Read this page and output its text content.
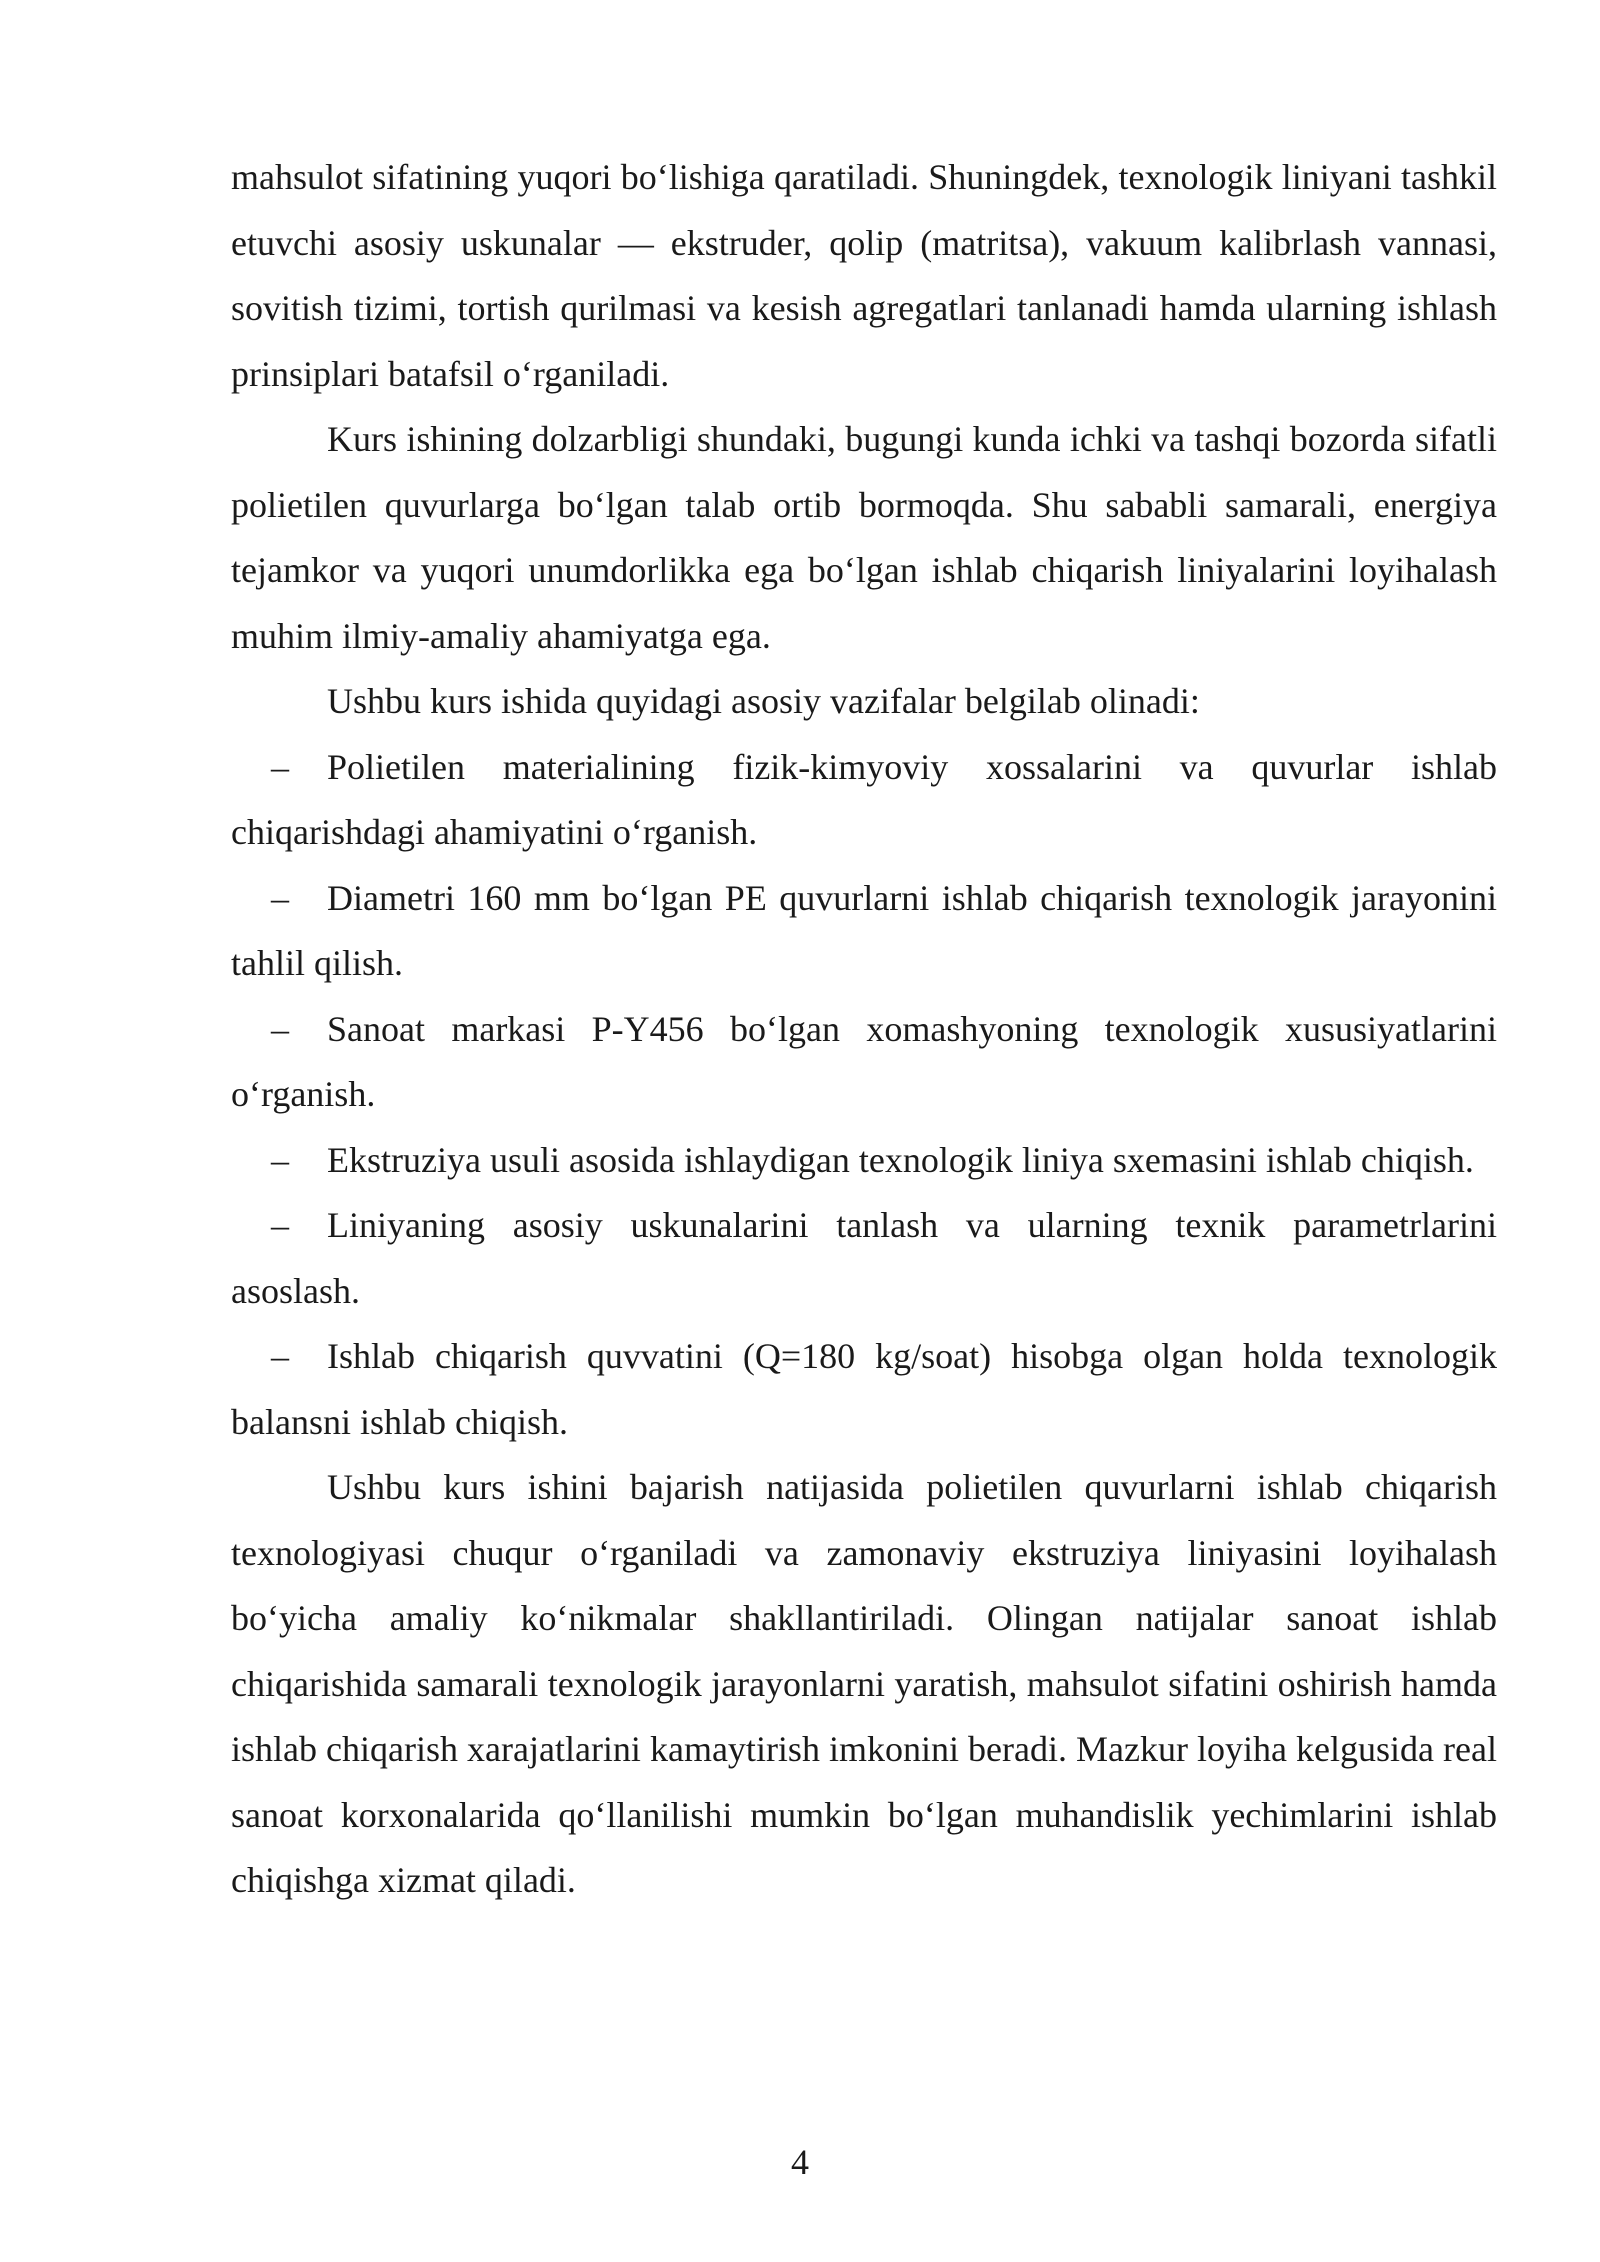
mahsulot sifatining yuqori bo‘lishiga qaratiladi. Shuningdek, texnologik liniyani tashkil etuvchi asosiy uskunalar — ekstruder, qolip (matritsa), vakuum kalibrlash vannasi, sovitish tizimi, tortish qurilmasi va kesish agregatlari tanlanadi hamda ularning ishlash prinsiplari batafsil o‘rganiladi.

Kurs ishining dolzarbligi shundaki, bugungi kunda ichki va tashqi bozorda sifatli polietilen quvurlarga bo‘lgan talab ortib bormoqda. Shu sababli samarali, energiya tejamkor va yuqori unumdorlikka ega bo‘lgan ishlab chiqarish liniyalarini loyihalash muhim ilmiy-amaliy ahamiyatga ega.

Ushbu kurs ishida quyidagi asosiy vazifalar belgilab olinadi:

– Polietilen materialining fizik-kimyoviy xossalarini va quvurlar ishlab chiqarishdagi ahamiyatini o‘rganish.

– Diametri 160 mm bo‘lgan PE quvurlarni ishlab chiqarish texnologik jarayonini tahlil qilish.

– Sanoat markasi P-Y456 bo‘lgan xomashyoning texnologik xususiyatlarini o‘rganish.

– Ekstruziya usuli asosida ishlaydigan texnologik liniya sxemasini ishlab chiqish.

– Liniyaning asosiy uskunalarini tanlash va ularning texnik parametrlarini asoslash.

– Ishlab chiqarish quvvatini (Q=180 kg/soat) hisobga olgan holda texnologik balansni ishlab chiqish.

Ushbu kurs ishini bajarish natijasida polietilen quvurlarni ishlab chiqarish texnologiyasi chuqur o‘rganiladi va zamonaviy ekstruziya liniyasini loyihalash bo‘yicha amaliy ko‘nikmalar shakllantiriladi. Olingan natijalar sanoat ishlab chiqarishida samarali texnologik jarayonlarni yaratish, mahsulot sifatini oshirish hamda ishlab chiqarish xarajatlarini kamaytirish imkonini beradi. Mazkur loyiha kelgusida real sanoat korxonalarida qo‘llanilishi mumkin bo‘lgan muhandislik yechimlarini ishlab chiqishga xizmat qiladi.

4
